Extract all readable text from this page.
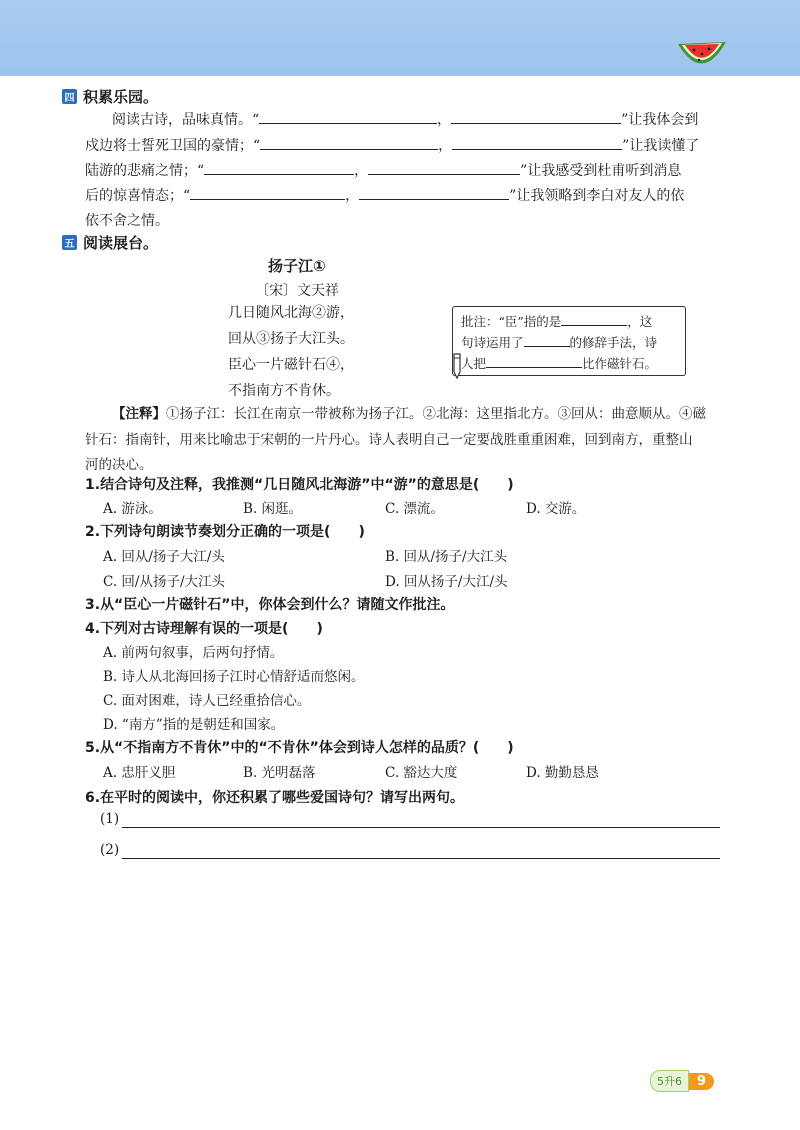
四 积累乐园。
阅读古诗，品味真情。“	，	”让我体会到
戍边将士誓死卫国的豪情；“	，	”让我读懂了
陆游的悲痛之情；“	，	”让我感受到杜甫听到消息
后的惊喜情态；“	，	”让我领略到李白对友人的依
依不舍之情。
五 阅读展台。
扬子江①
〔宋〕文天祥
几日随风北海②游，
回从③扬子大江头。
臣心一片磁针石④，
不指南方不肯休。
批注：“臣”指的是	，这
句诗运用了	的修辞手法，诗
人把	比作磁针石。
【注释】①扬子江：长江在南京一带被称为扬子江。②北海：这里指北方。③回从：曲意顺从。④磁
针石：指南针，用来比喻忠于宋朝的一片丹心。诗人表明自己一定要战胜重重困难，回到南方，重整山
河的决心。
1.结合诗句及注释，我推测“几日随风北海游”中“游”的意思是(　　)
A. 游泳。	B. 闲逛。	C. 漂流。	D. 交游。
2.下列诗句朗读节奏划分正确的一项是(　　)
A. 回从/扬子大江/头	B. 回从/扬子/大江头
C. 回/从扬子/大江头	D. 回从扬子/大江/头
3.从“臣心一片磁针石”中，你体会到什么？请随文作批注。
4.下列对古诗理解有误的一项是(　　)
A. 前两句叙事，后两句抒情。
B. 诗人从北海回扬子江时心情舒适而悠闲。
C. 面对困难，诗人已经重拾信心。
D. “南方”指的是朝廷和国家。
5.从“不指南方不肯休”中的“不肯休”体会到诗人怎样的品质？(　　)
A. 忠肝义胆	B. 光明磊落	C. 豁达大度	D. 勤勤恳恳
6.在平时的阅读中，你还积累了哪些爱国诗句？请写出两句。
(1)
(2)
5升6	9
